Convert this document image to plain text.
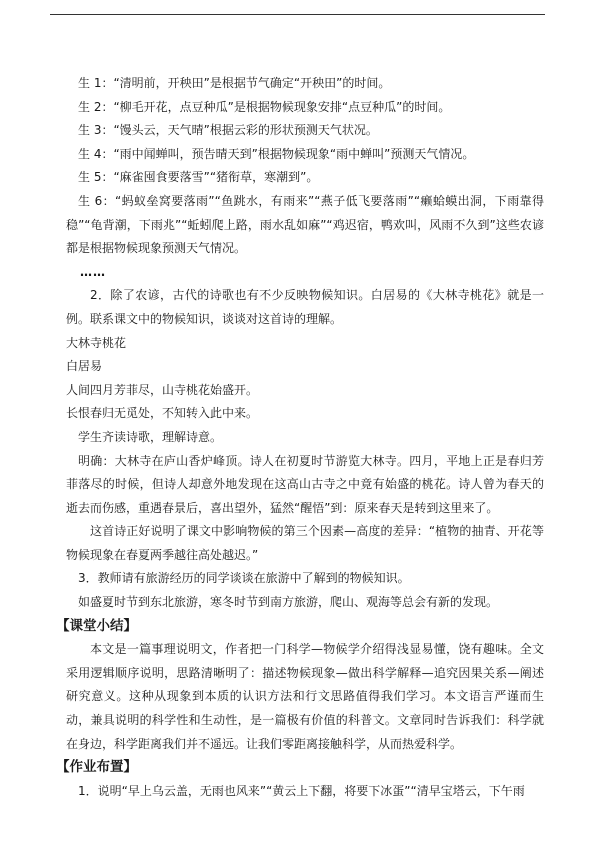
生 1：“清明前，开秧田”是根据节气确定“开秧田”的时间。

生 2：“柳毛开花，点豆种瓜”是根据物候现象安排“点豆种瓜”的时间。

生 3：“馒头云，天气晴”根据云彩的形状预测天气状况。

生 4：“雨中闻蝉叫，预告晴天到”根据物候现象“雨中蝉叫”预测天气情况。

生 5：“麻雀囤食要落雪”“猪衔草，寒潮到”。

生 6：“蚂蚁垒窝要落雨”“鱼跳水，有雨来”“燕子低飞要落雨”“癞蛤蟆出洞，下雨靠得稳”“龟背潮，下雨兆”“蚯蚓爬上路，雨水乱如麻”“鸡迟宿，鸭欢叫，风雨不久到”这些农谚都是根据物候现象预测天气情况。

……

2．除了农谚，古代的诗歌也有不少反映物候知识。白居易的《大林寺桃花》就是一例。联系课文中的物候知识，谈谈对这首诗的理解。

大林寺桃花

白居易

人间四月芳菲尽，山寺桃花始盛开。

长恨春归无觅处，不知转入此中来。

学生齐读诗歌，理解诗意。

明确：大林寺在庐山香炉峰顶。诗人在初夏时节游览大林寺。四月，平地上正是春归芳菲落尽的时候，但诗人却意外地发现在这高山古寺之中竟有始盛的桃花。诗人曾为春天的逝去而伤感，重遇春景后，喜出望外，猛然“醒悟”到：原来春天是转到这里来了。

这首诗正好说明了课文中影响物候的第三个因素—高度的差异：“植物的抽青、开花等物候现象在春夏两季越往高处越迟。”

3．教师请有旅游经历的同学谈谈在旅游中了解到的物候知识。

如盛夏时节到东北旅游，寒冬时节到南方旅游，爬山、观海等总会有新的发现。

【课堂小结】

本文是一篇事理说明文，作者把一门科学—物候学介绍得浅显易懂，饶有趣味。全文采用逻辑顺序说明，思路清晰明了：描述物候现象—做出科学解释—追究因果关系—阐述研究意义。这种从现象到本质的认识方法和行文思路值得我们学习。本文语言严谨而生动，兼具说明的科学性和生动性，是一篇极有价值的科普文。文章同时告诉我们：科学就在身边，科学距离我们并不遥远。让我们零距离接触科学，从而热爱科学。

【作业布置】

1．说明“早上乌云盖，无雨也风来”“黄云上下翻，将要下冰蛋”“清早宝塔云，下午雨
